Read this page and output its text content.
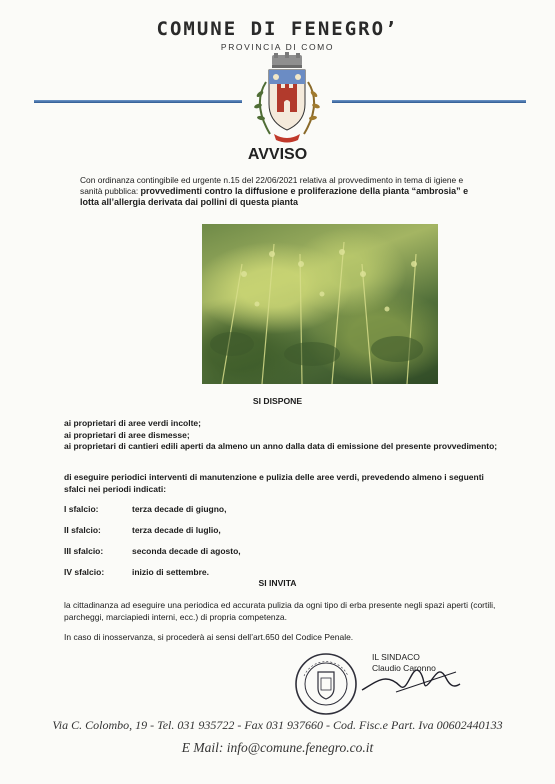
COMUNE DI FENEGRO’
PROVINCIA DI COMO
AVVISO
Con ordinanza contingibile ed urgente n.15 del 22/06/2021 relativa al provvedimento in tema di igiene e sanità pubblica: provvedimenti contro la diffusione e proliferazione della pianta “ambrosia” e lotta all’allergia derivata dai pollini di questa pianta
SI DISPONE
ai proprietari di aree verdi incolte;
ai proprietari di aree dismesse;
ai proprietari di cantieri edili aperti da almeno un anno dalla data di emissione del presente provvedimento;
di eseguire periodici interventi di manutenzione e pulizia delle aree verdi, prevedendo almeno i seguenti sfalci nei periodi indicati:
I sfalcio:	terza decade di giugno,
II sfalcio:	terza decade di luglio,
III sfalcio:	seconda decade di agosto,
IV sfalcio:	inizio di settembre.
SI INVITA
la cittadinanza ad eseguire una periodica ed accurata pulizia da ogni tipo di erba presente negli spazi aperti (cortili, parcheggi, marciapiedi interni, ecc.) di propria competenza.
In caso di inosservanza, si procederà ai sensi dell’art.650 del Codice Penale.
IL SINDACO
Claudio Caronno
Via C. Colombo, 19 - Tel. 031 935722 - Fax 031 937660 - Cod. Fisc.e Part. Iva 00602440133
E Mail: info@comune.fenegro.co.it
